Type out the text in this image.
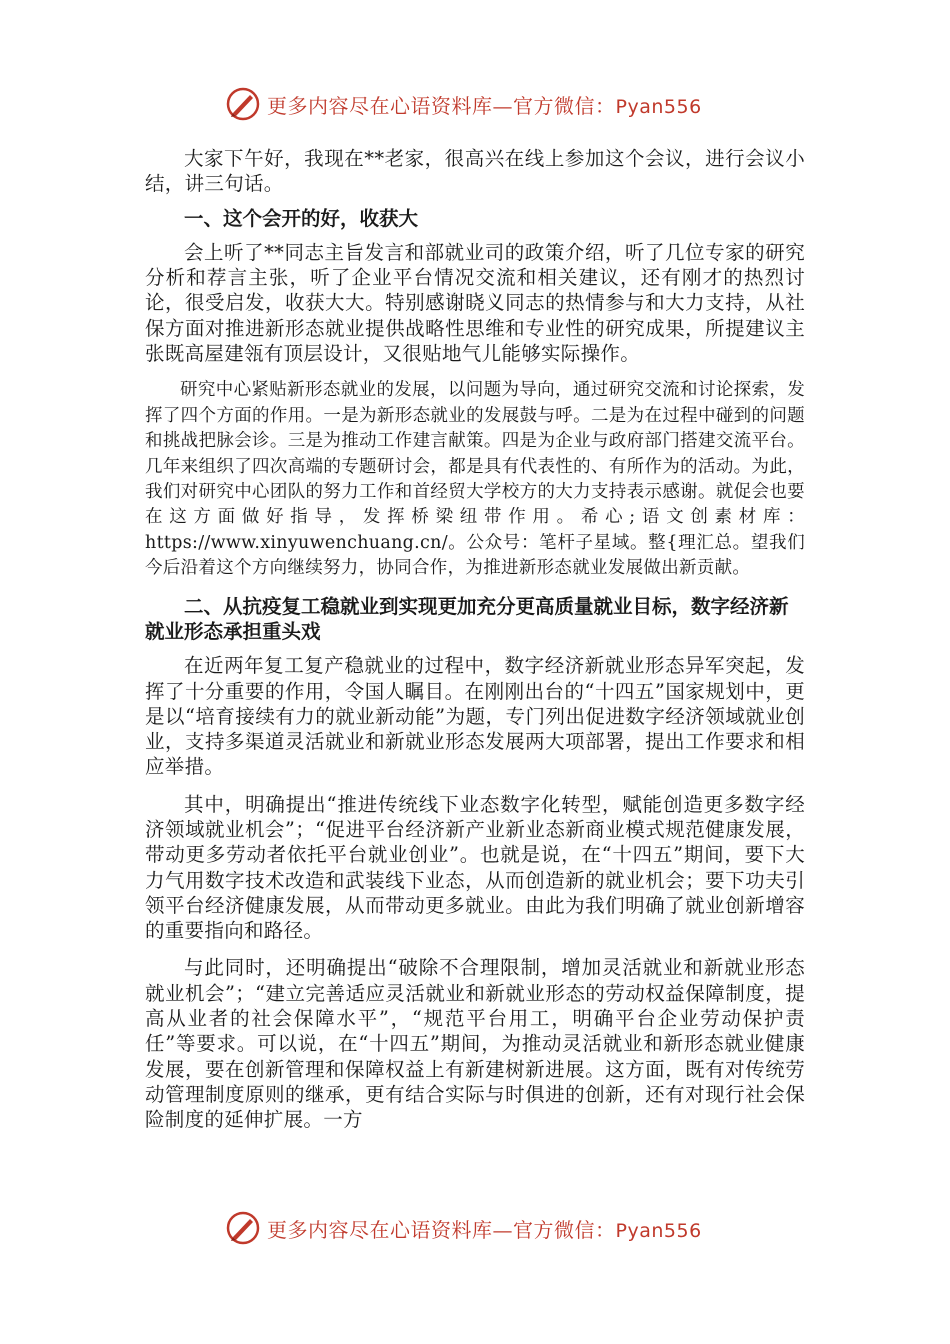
更多内容尽在心语资料库—官方微信：Pyan556

大家下午好，我现在**老家，很高兴在线上参加这个会议，进行会议小结，讲三句话。

一、这个会开的好，收获大

会上听了**同志主旨发言和部就业司的政策介绍，听了几位专家的研究分析和荐言主张，听了企业平台情况交流和相关建议，还有刚才的热烈讨论，很受启发，收获大大。特别感谢晓义同志的热情参与和大力支持，从社保方面对推进新形态就业提供战略性思维和专业性的研究成果，所提建议主张既高屋建瓴有顶层设计，又很贴地气儿能够实际操作。

研究中心紧贴新形态就业的发展，以问题为导向，通过研究交流和讨论探索，发挥了四个方面的作用。一是为新形态就业的发展鼓与呼。二是为在过程中碰到的问题和挑战把脉会诊。三是为推动工作建言献策。四是为企业与政府部门搭建交流平台。几年来组织了四次高端的专题研讨会，都是具有代表性的、有所作为的活动。为此，我们对研究中心团队的努力工作和首经贸大学校方的大力支持表示感谢。就促会也要在这方面做好指导，发挥桥梁纽带作用。希心;语文创素材库：https://www.xinyuwenchuang.cn/。公众号：笔杆子星域。整{理汇总。望我们今后沿着这个方向继续努力，协同合作，为推进新形态就业发展做出新贡献。

二、从抗疫复工稳就业到实现更加充分更高质量就业目标，数字经济新就业形态承担重头戏

在近两年复工复产稳就业的过程中，数字经济新就业形态异军突起，发挥了十分重要的作用，令国人瞩目。在刚刚出台的“十四五”国家规划中，更是以“培育接续有力的就业新动能”为题，专门列出促进数字经济领域就业创业，支持多渠道灵活就业和新就业形态发展两大项部署，提出工作要求和相应举措。

其中，明确提出“推进传统线下业态数字化转型，赋能创造更多数字经济领域就业机会”；“促进平台经济新产业新业态新商业模式规范健康发展，带动更多劳动者依托平台就业创业”。也就是说，在“十四五”期间，要下大力气用数字技术改造和武装线下业态，从而创造新的就业机会；要下功夫引领平台经济健康发展，从而带动更多就业。由此为我们明确了就业创新增容的重要指向和路径。

与此同时，还明确提出“破除不合理限制，增加灵活就业和新就业形态就业机会”；“建立完善适应灵活就业和新就业形态的劳动权益保障制度，提高从业者的社会保障水平”，“规范平台用工，明确平台企业劳动保护责任”等要求。可以说，在“十四五”期间，为推动灵活就业和新形态就业健康发展，要在创新管理和保障权益上有新建树新进展。这方面，既有对传统劳动管理制度原则的继承，更有结合实际与时俱进的创新，还有对现行社会保险制度的延伸扩展。一方

更多内容尽在心语资料库—官方微信：Pyan556
